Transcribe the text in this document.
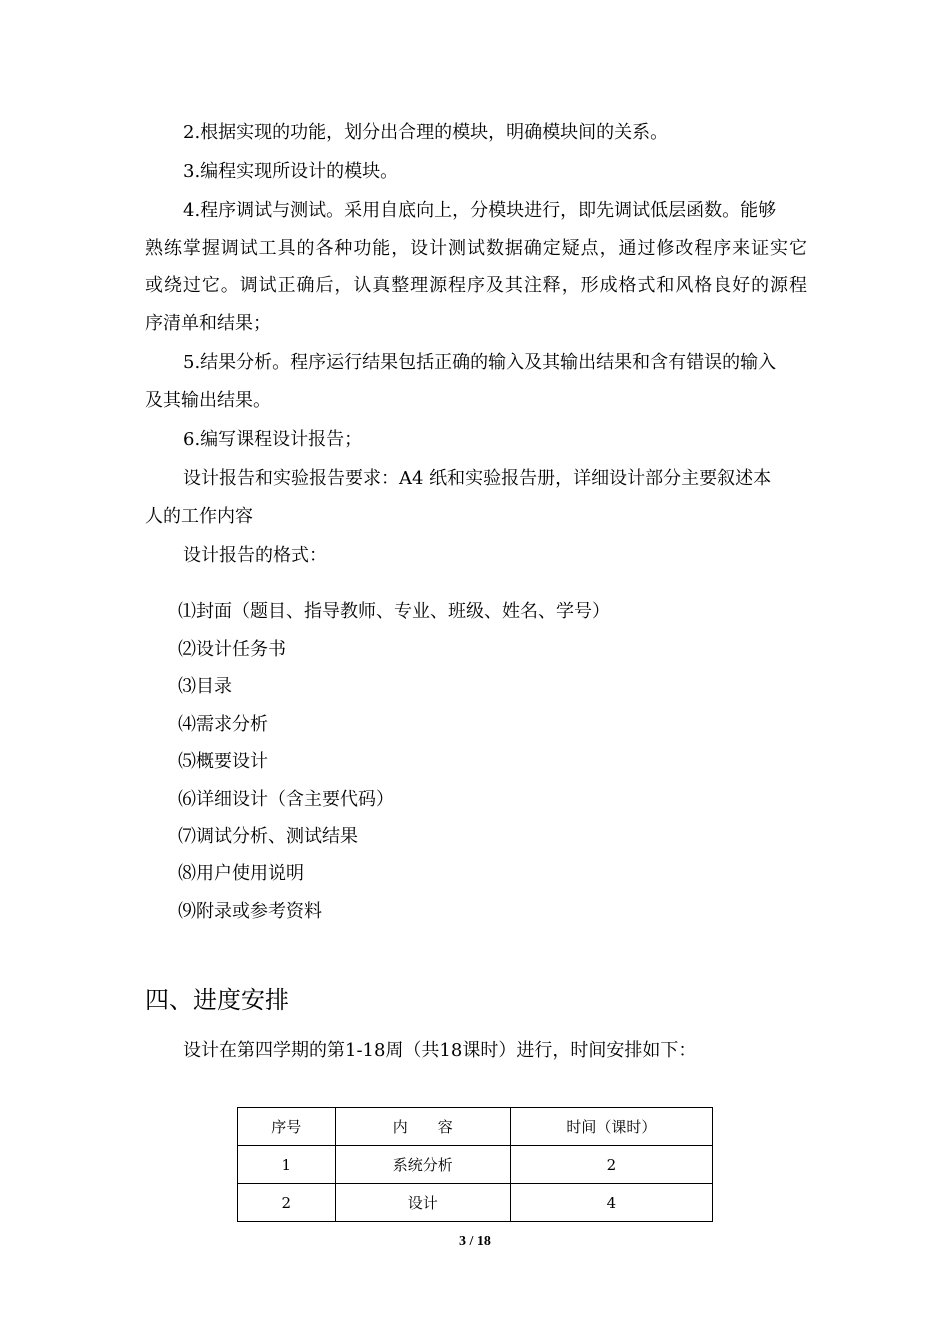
2.根据实现的功能，划分出合理的模块，明确模块间的关系。

3.编程实现所设计的模块。

4.程序调试与测试。采用自底向上，分模块进行，即先调试低层函数。能够

熟练掌握调试工具的各种功能，设计测试数据确定疑点，通过修改程序来证实它

或绕过它。调试正确后，认真整理源程序及其注释，形成格式和风格良好的源程

序清单和结果；

5.结果分析。程序运行结果包括正确的输入及其输出结果和含有错误的输入

及其输出结果。

6.编写课程设计报告；

设计报告和实验报告要求：A4 纸和实验报告册，详细设计部分主要叙述本

人的工作内容

设计报告的格式：

⑴封面（题目、指导教师、专业、班级、姓名、学号）

⑵设计任务书

⑶目录

⑷需求分析

⑸概要设计

⑹详细设计（含主要代码）

⑺调试分析、测试结果

⑻用户使用说明

⑼附录或参考资料

四、进度安排

设计在第四学期的第1-18周（共18课时）进行，时间安排如下：

序号	内　　容	时间（课时）
1	系统分析	2
2	设计	4
3 / 18
